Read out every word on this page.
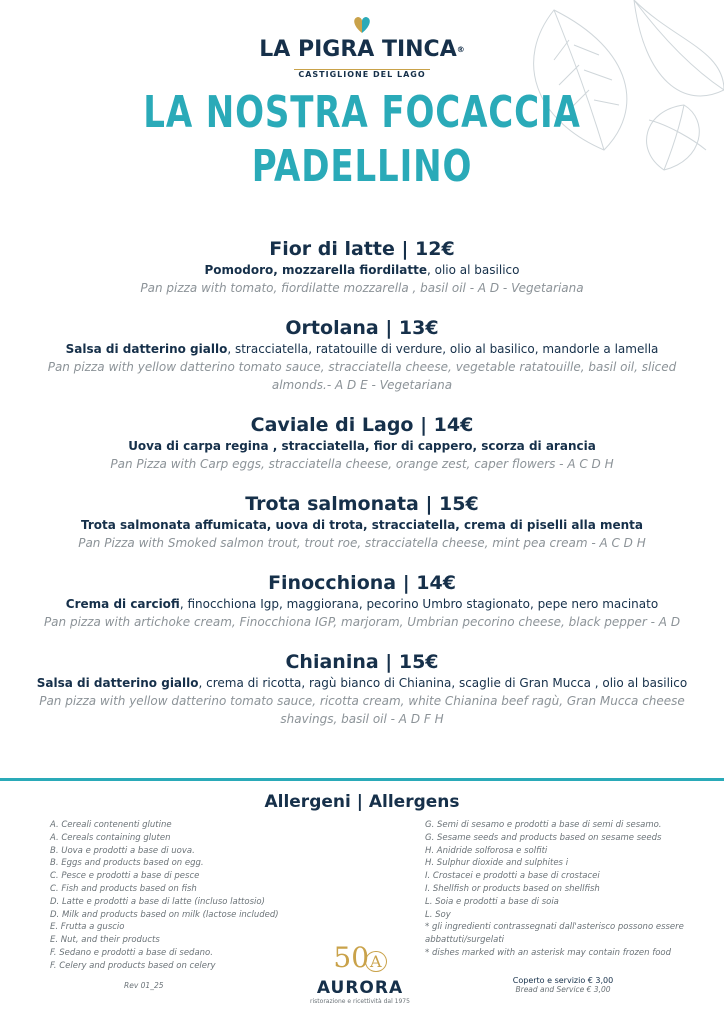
LA PIGRA TINCA®
CASTIGLIONE DEL LAGO
LA NOSTRA FOCACCIA
PADELLINO
Fior di latte | 12€
Pomodoro, mozzarella fiordilatte, olio al basilico
Pan pizza with tomato, fiordilatte mozzarella , basil oil - A D - Vegetariana
Ortolana | 13€
Salsa di datterino giallo, stracciatella, ratatouille di verdure, olio al basilico, mandorle a lamella
Pan pizza with yellow datterino tomato sauce, stracciatella cheese, vegetable ratatouille, basil oil, sliced almonds.- A D E - Vegetariana
Caviale di Lago | 14€
Uova di carpa regina , stracciatella, fior di cappero, scorza di arancia
Pan Pizza with Carp eggs, stracciatella cheese, orange zest, caper flowers - A C D H
Trota salmonata | 15€
Trota salmonata affumicata, uova di trota, stracciatella, crema di piselli alla menta
Pan Pizza with Smoked salmon trout, trout roe, stracciatella cheese, mint pea cream - A C D H
Finocchiona | 14€
Crema di carciofi, finocchiona Igp, maggiorana, pecorino Umbro stagionato, pepe nero macinato
Pan pizza with artichoke cream, Finocchiona IGP, marjoram, Umbrian pecorino cheese, black pepper - A D
Chianina | 15€
Salsa di datterino giallo, crema di ricotta, ragù bianco di Chianina, scaglie di Gran Mucca , olio al basilico
Pan pizza with yellow datterino tomato sauce, ricotta cream, white Chianina beef ragù, Gran Mucca cheese shavings, basil oil - A D F H
Allergeni | Allergens
A. Cereali contenenti glutine
A. Cereals containing gluten
B. Uova e prodotti a base di uova.
B. Eggs and products based on egg.
C. Pesce e prodotti a base di pesce
C. Fish and products based on fish
D. Latte e prodotti a base di latte (incluso lattosio)
D. Milk and products based on milk (lactose included)
E. Frutta a guscio
E. Nut, and their products
F. Sedano e prodotti a base di sedano.
F. Celery and products based on celery
G. Semi di sesamo e prodotti a base di semi di sesamo.
G. Sesame seeds and products based on sesame seeds
H. Anidride solforosa e solfiti
H. Sulphur dioxide and sulphites i
I. Crostacei e prodotti a base di crostacei
I. Shellfish or products based on shellfish
L. Soia e prodotti a base di soia
L. Soy
* gli ingredienti contrassegnati dall'asterisco possono essere abbattuti/surgelati
* dishes marked with an asterisk may contain frozen food
Rev 01_25
50A
AURORA
ristorazione e ricettività dal 1975
Coperto e servizio € 3,00
Bread and Service € 3,00
